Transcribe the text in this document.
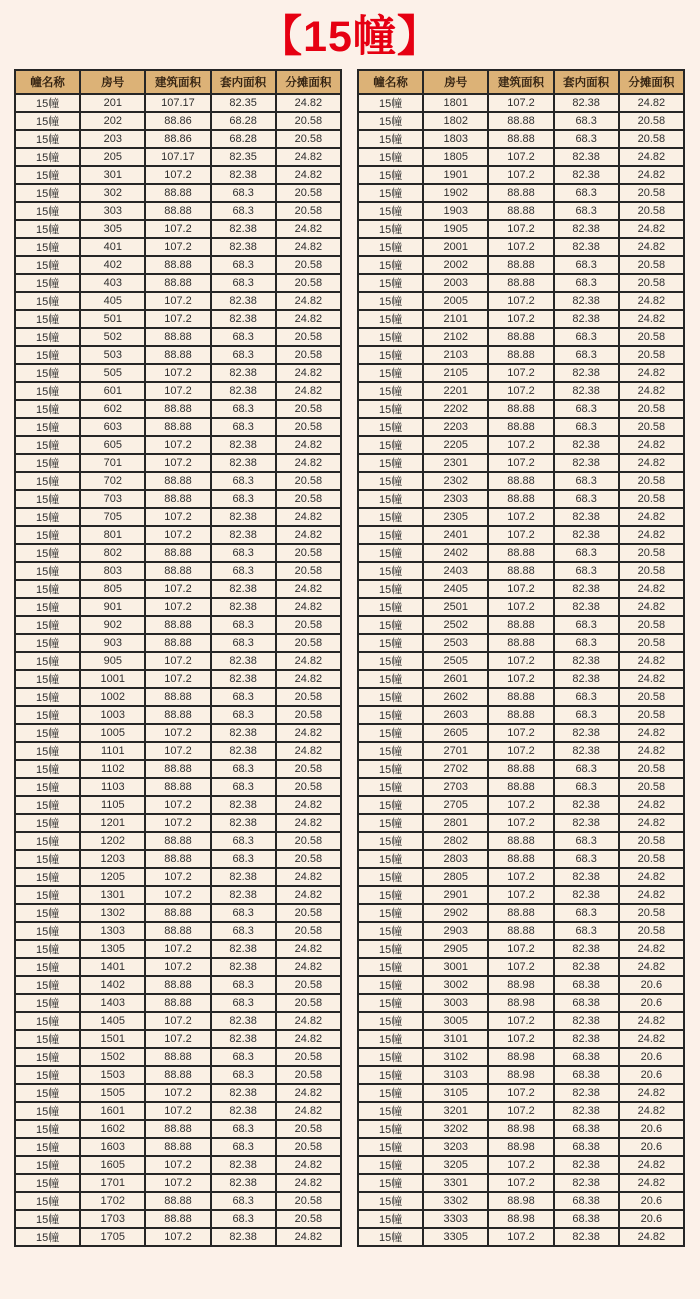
【15幢】
幢名称	房号	建筑面积	套内面积	分摊面积
15幢	201	107.17	82.35	24.82
15幢	202	88.86	68.28	20.58
15幢	203	88.86	68.28	20.58
15幢	205	107.17	82.35	24.82
15幢	301	107.2	82.38	24.82
15幢	302	88.88	68.3	20.58
15幢	303	88.88	68.3	20.58
15幢	305	107.2	82.38	24.82
15幢	401	107.2	82.38	24.82
15幢	402	88.88	68.3	20.58
15幢	403	88.88	68.3	20.58
15幢	405	107.2	82.38	24.82
15幢	501	107.2	82.38	24.82
15幢	502	88.88	68.3	20.58
15幢	503	88.88	68.3	20.58
15幢	505	107.2	82.38	24.82
15幢	601	107.2	82.38	24.82
15幢	602	88.88	68.3	20.58
15幢	603	88.88	68.3	20.58
15幢	605	107.2	82.38	24.82
15幢	701	107.2	82.38	24.82
15幢	702	88.88	68.3	20.58
15幢	703	88.88	68.3	20.58
15幢	705	107.2	82.38	24.82
15幢	801	107.2	82.38	24.82
15幢	802	88.88	68.3	20.58
15幢	803	88.88	68.3	20.58
15幢	805	107.2	82.38	24.82
15幢	901	107.2	82.38	24.82
15幢	902	88.88	68.3	20.58
15幢	903	88.88	68.3	20.58
15幢	905	107.2	82.38	24.82
15幢	1001	107.2	82.38	24.82
15幢	1002	88.88	68.3	20.58
15幢	1003	88.88	68.3	20.58
15幢	1005	107.2	82.38	24.82
15幢	1101	107.2	82.38	24.82
15幢	1102	88.88	68.3	20.58
15幢	1103	88.88	68.3	20.58
15幢	1105	107.2	82.38	24.82
15幢	1201	107.2	82.38	24.82
15幢	1202	88.88	68.3	20.58
15幢	1203	88.88	68.3	20.58
15幢	1205	107.2	82.38	24.82
15幢	1301	107.2	82.38	24.82
15幢	1302	88.88	68.3	20.58
15幢	1303	88.88	68.3	20.58
15幢	1305	107.2	82.38	24.82
15幢	1401	107.2	82.38	24.82
15幢	1402	88.88	68.3	20.58
15幢	1403	88.88	68.3	20.58
15幢	1405	107.2	82.38	24.82
15幢	1501	107.2	82.38	24.82
15幢	1502	88.88	68.3	20.58
15幢	1503	88.88	68.3	20.58
15幢	1505	107.2	82.38	24.82
15幢	1601	107.2	82.38	24.82
15幢	1602	88.88	68.3	20.58
15幢	1603	88.88	68.3	20.58
15幢	1605	107.2	82.38	24.82
15幢	1701	107.2	82.38	24.82
15幢	1702	88.88	68.3	20.58
15幢	1703	88.88	68.3	20.58
15幢	1705	107.2	82.38	24.82
幢名称	房号	建筑面积	套内面积	分摊面积
15幢	1801	107.2	82.38	24.82
15幢	1802	88.88	68.3	20.58
15幢	1803	88.88	68.3	20.58
15幢	1805	107.2	82.38	24.82
15幢	1901	107.2	82.38	24.82
15幢	1902	88.88	68.3	20.58
15幢	1903	88.88	68.3	20.58
15幢	1905	107.2	82.38	24.82
15幢	2001	107.2	82.38	24.82
15幢	2002	88.88	68.3	20.58
15幢	2003	88.88	68.3	20.58
15幢	2005	107.2	82.38	24.82
15幢	2101	107.2	82.38	24.82
15幢	2102	88.88	68.3	20.58
15幢	2103	88.88	68.3	20.58
15幢	2105	107.2	82.38	24.82
15幢	2201	107.2	82.38	24.82
15幢	2202	88.88	68.3	20.58
15幢	2203	88.88	68.3	20.58
15幢	2205	107.2	82.38	24.82
15幢	2301	107.2	82.38	24.82
15幢	2302	88.88	68.3	20.58
15幢	2303	88.88	68.3	20.58
15幢	2305	107.2	82.38	24.82
15幢	2401	107.2	82.38	24.82
15幢	2402	88.88	68.3	20.58
15幢	2403	88.88	68.3	20.58
15幢	2405	107.2	82.38	24.82
15幢	2501	107.2	82.38	24.82
15幢	2502	88.88	68.3	20.58
15幢	2503	88.88	68.3	20.58
15幢	2505	107.2	82.38	24.82
15幢	2601	107.2	82.38	24.82
15幢	2602	88.88	68.3	20.58
15幢	2603	88.88	68.3	20.58
15幢	2605	107.2	82.38	24.82
15幢	2701	107.2	82.38	24.82
15幢	2702	88.88	68.3	20.58
15幢	2703	88.88	68.3	20.58
15幢	2705	107.2	82.38	24.82
15幢	2801	107.2	82.38	24.82
15幢	2802	88.88	68.3	20.58
15幢	2803	88.88	68.3	20.58
15幢	2805	107.2	82.38	24.82
15幢	2901	107.2	82.38	24.82
15幢	2902	88.88	68.3	20.58
15幢	2903	88.88	68.3	20.58
15幢	2905	107.2	82.38	24.82
15幢	3001	107.2	82.38	24.82
15幢	3002	88.98	68.38	20.6
15幢	3003	88.98	68.38	20.6
15幢	3005	107.2	82.38	24.82
15幢	3101	107.2	82.38	24.82
15幢	3102	88.98	68.38	20.6
15幢	3103	88.98	68.38	20.6
15幢	3105	107.2	82.38	24.82
15幢	3201	107.2	82.38	24.82
15幢	3202	88.98	68.38	20.6
15幢	3203	88.98	68.38	20.6
15幢	3205	107.2	82.38	24.82
15幢	3301	107.2	82.38	24.82
15幢	3302	88.98	68.38	20.6
15幢	3303	88.98	68.38	20.6
15幢	3305	107.2	82.38	24.82
